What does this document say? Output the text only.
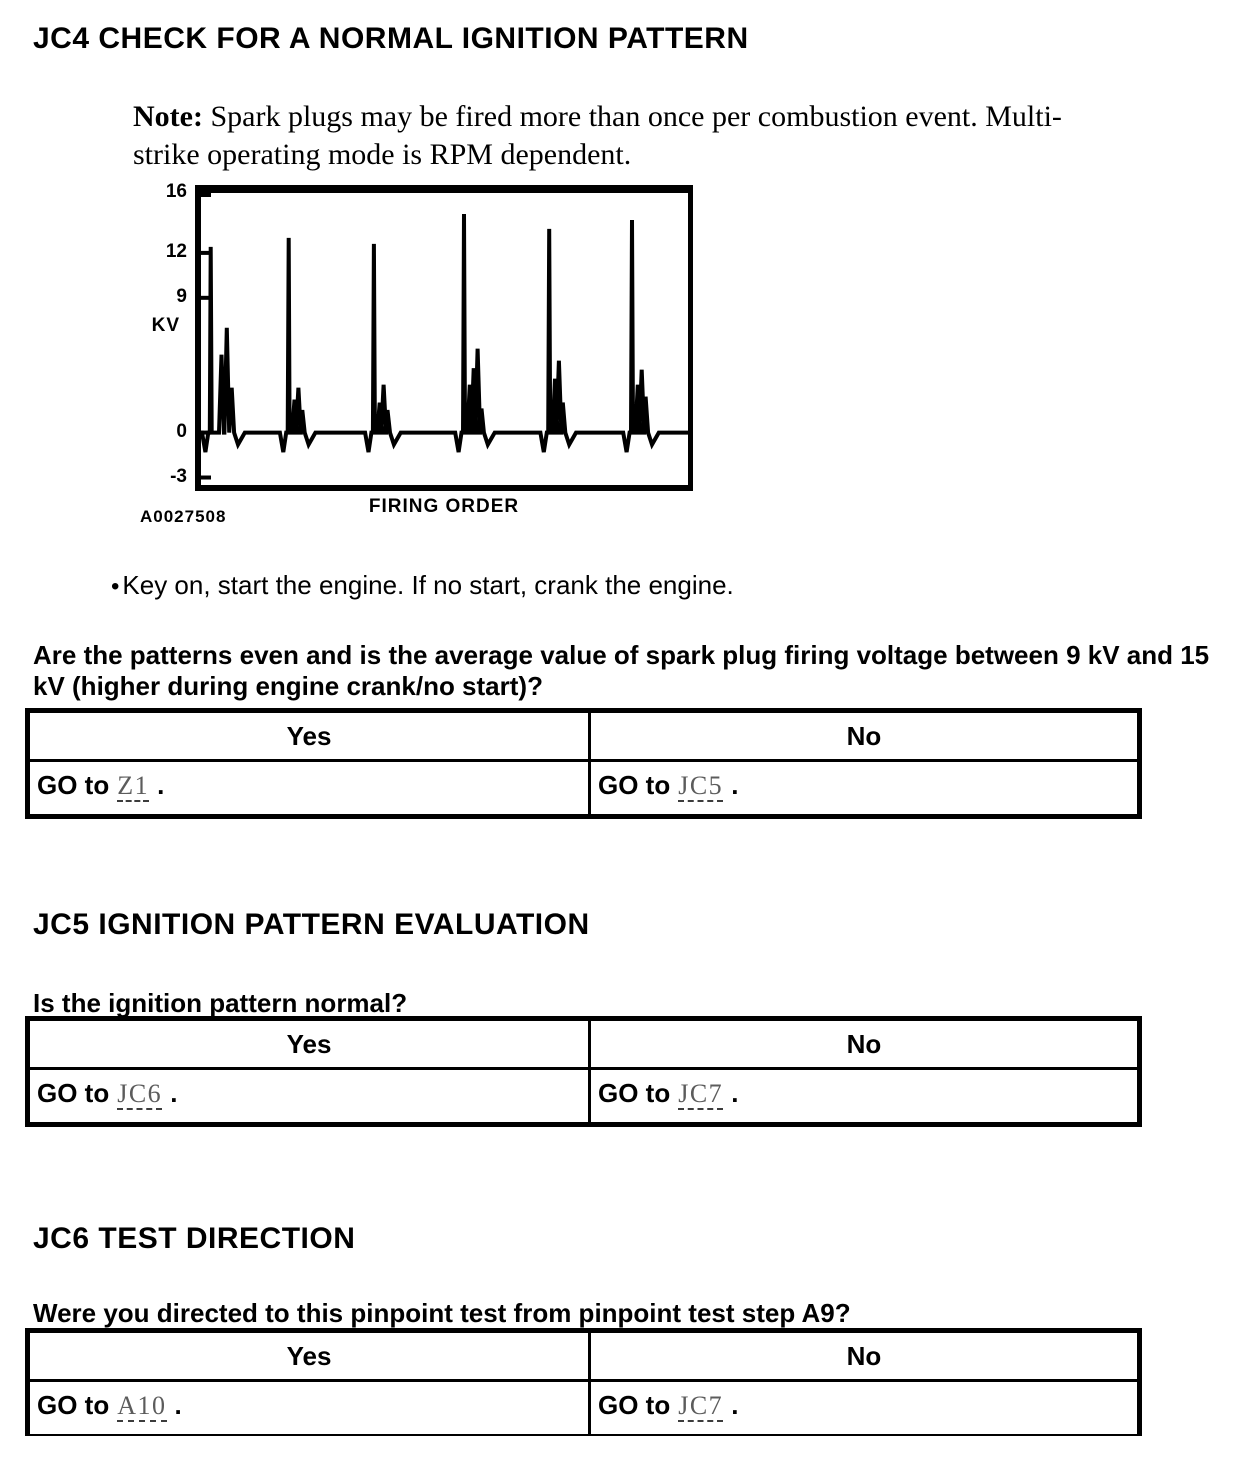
JC4 CHECK FOR A NORMAL IGNITION PATTERN

Note: Spark plugs may be fired more than once per combustion event. Multi-
strike operating mode is RPM dependent.

16
12
9
0
-3
KV
FIRING ORDER
A0027508
• Key on, start the engine. If no start, crank the engine.

Are the patterns even and is the average value of spark plug firing voltage between 9 kV and 15 kV (higher during engine crank/no start)?

Yes	No
GO to Z1 .	GO to JC5 .
JC5 IGNITION PATTERN EVALUATION

Is the ignition pattern normal?

Yes	No
GO to JC6 .	GO to JC7 .
JC6 TEST DIRECTION

Were you directed to this pinpoint test from pinpoint test step A9?

Yes	No
GO to A10 .	GO to JC7 .
